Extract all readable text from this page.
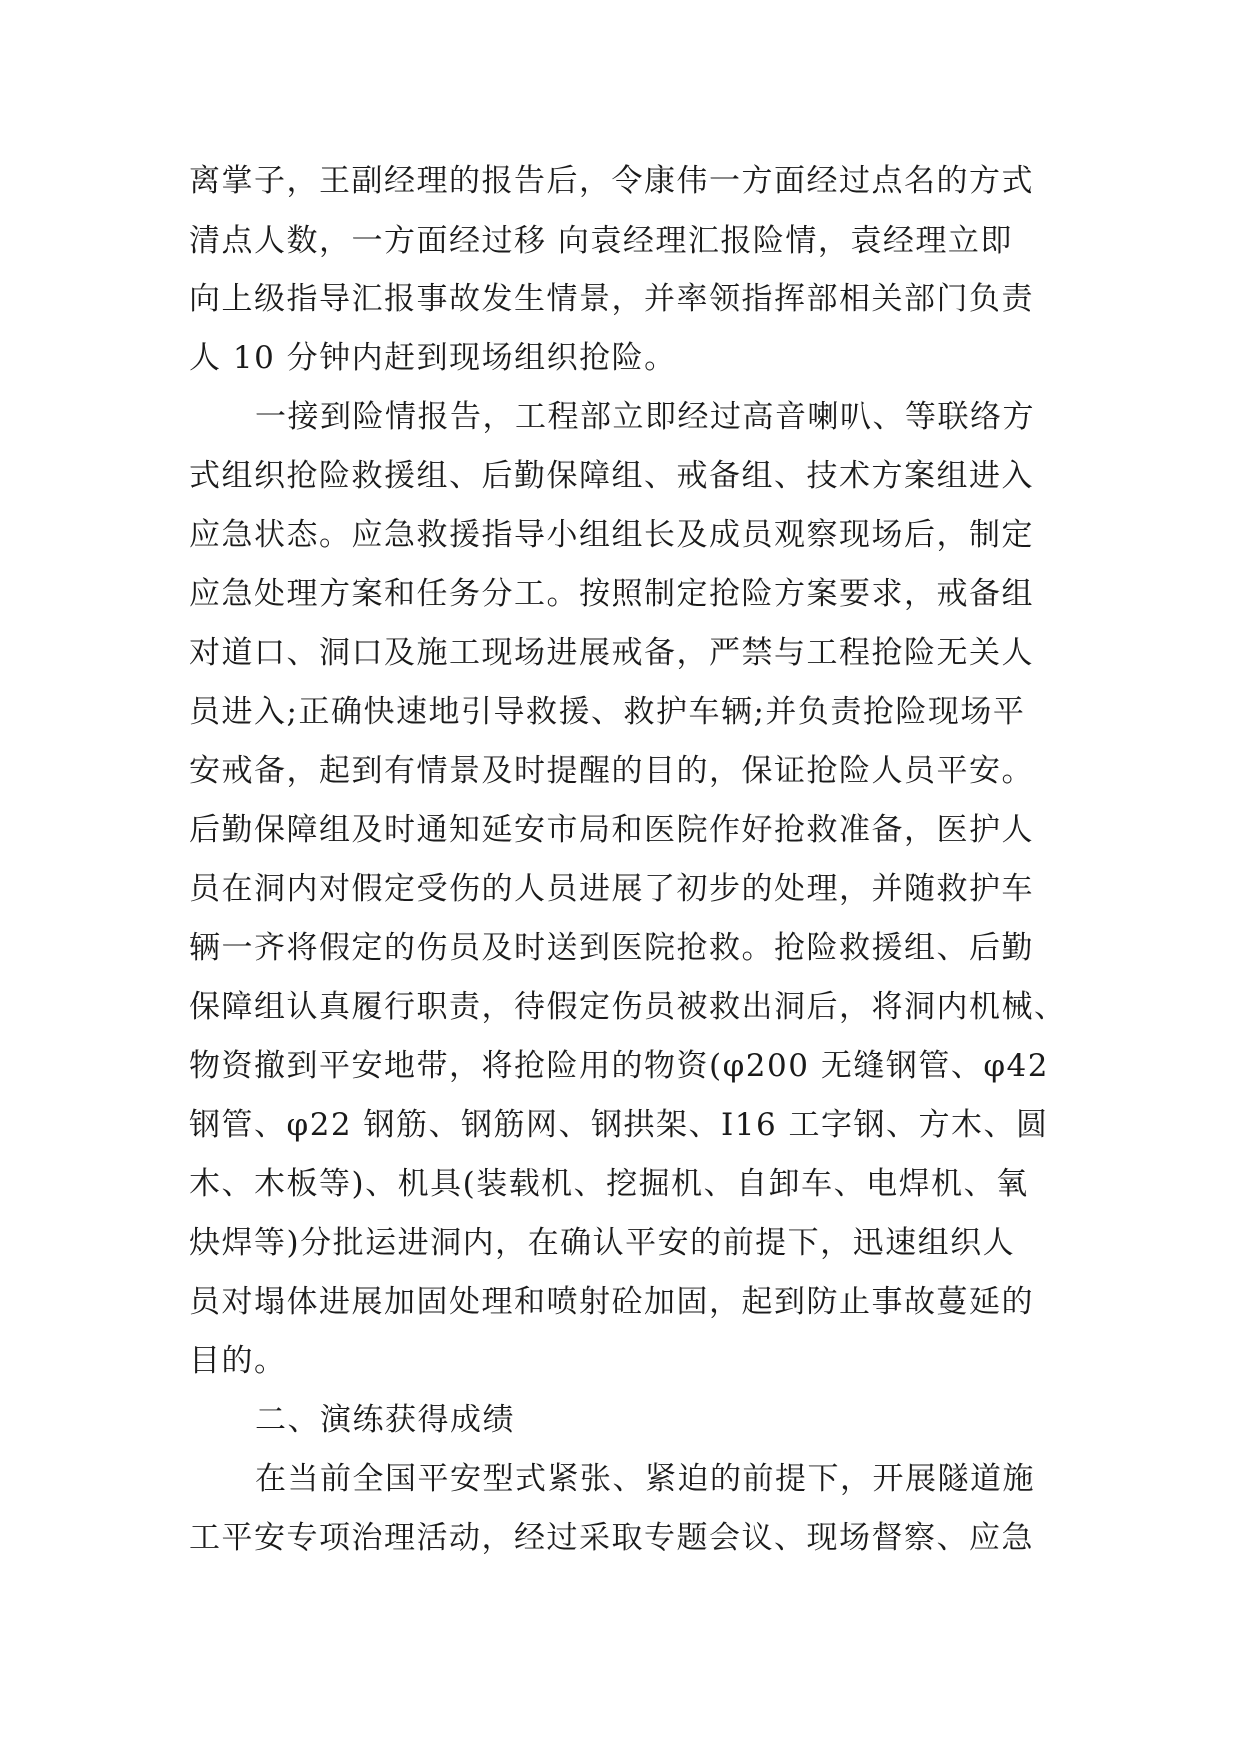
离掌子，王副经理的报告后，令康伟一方面经过点名的方式
清点人数，一方面经过移 向袁经理汇报险情，袁经理立即
向上级指导汇报事故发生情景，并率领指挥部相关部门负责
人 10 分钟内赶到现场组织抢险。
一接到险情报告，工程部立即经过高音喇叭、等联络方
式组织抢险救援组、后勤保障组、戒备组、技术方案组进入
应急状态。应急救援指导小组组长及成员观察现场后，制定
应急处理方案和任务分工。按照制定抢险方案要求，戒备组
对道口、洞口及施工现场进展戒备，严禁与工程抢险无关人
员进入;正确快速地引导救援、救护车辆;并负责抢险现场平
安戒备，起到有情景及时提醒的目的，保证抢险人员平安。
后勤保障组及时通知延安市局和医院作好抢救准备，医护人
员在洞内对假定受伤的人员进展了初步的处理，并随救护车
辆一齐将假定的伤员及时送到医院抢救。抢险救援组、后勤
保障组认真履行职责，待假定伤员被救出洞后，将洞内机械、
物资撤到平安地带，将抢险用的物资(φ200 无缝钢管、φ42
钢管、φ22 钢筋、钢筋网、钢拱架、I16 工字钢、方木、圆
木、木板等)、机具(装载机、挖掘机、自卸车、电焊机、氧
炔焊等)分批运进洞内，在确认平安的前提下，迅速组织人
员对塌体进展加固处理和喷射砼加固，起到防止事故蔓延的
目的。
二、演练获得成绩
在当前全国平安型式紧张、紧迫的前提下，开展隧道施
工平安专项治理活动，经过采取专题会议、现场督察、应急
